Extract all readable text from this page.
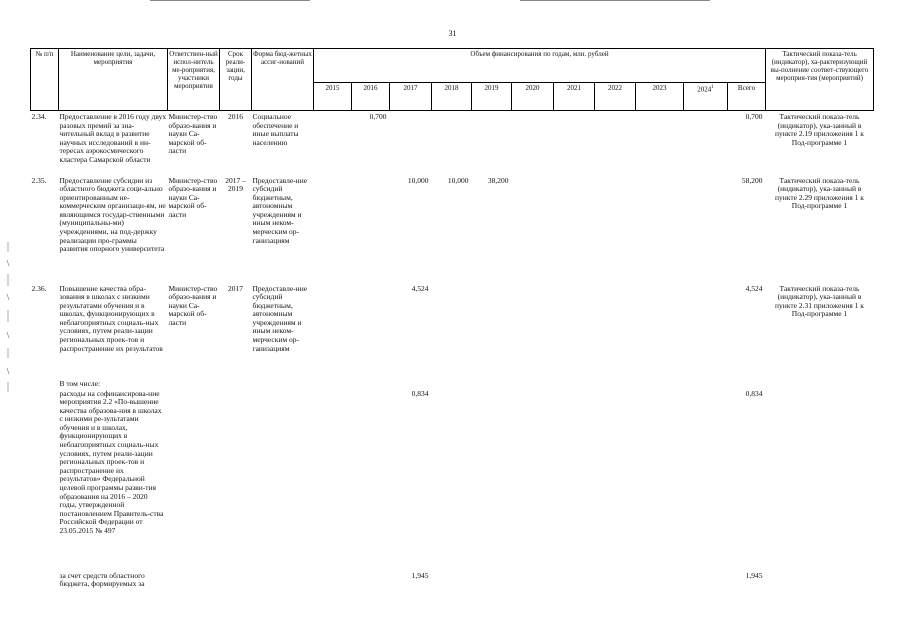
31
№ п/п	Наименование цели, задачи, мероприятия	Ответствен-ный испол-нитель ме-роприятия, участники мероприятия	Срок реали-зации, годы	Форма бюд-жетных ассиг-нований	Объем финансирования по годам, млн. рублей											Тактический показа-тель (индикатор), ха-рактеризующий вы-полнение соответ-ствующего мероприя-тия (мероприятий)
					2015	2016	2017	2018	2019	2020	2021	2022	2023	2024$^1$	Всего	
2.34.	Предоставление в 2016 году двух разовых премий за зна-чительный вклад в развитие научных исследований в ин-тересах аэрокосмического кластера Самарской области	Министер-ство образо-вания и науки Са-марской об-ласти	2016	Социальное обеспечение и иные выплаты населению		0,700									0,700	Тактический показа-тель (индикатор), ука-занный в пункте 2.19 приложения 1 к Под-программе 1
2.35.	Предоставление субсидии из областного бюджета соци-ально ориентированным не-коммерческим организаци-ям, не являющимся государ-ственными (муниципальны-ми) учреждениями, на под-держку реализации про-граммы развития опорного университета	Министер-ство образо-вания и науки Са-марской об-ласти	2017 – 2019	Предоставле-ние субсидий бюджетным, автономным учреждениям и иным неком-мерческим ор-ганизациям			10,000	10,000	38,200						58,200	Тактический показа-тель (индикатор), ука-занный в пункте 2.29 приложения 1 к Под-программе 1
2.36.	Повышение качества обра-зования в школах с низкими результатами обучения и в школах, функционирующих в неблагоприятных социаль-ных условиях, путем реали-зации региональных проек-тов и распространение их результатов	Министер-ство образо-вания и науки Са-марской об-ласти	2017	Предоставле-ние субсидий бюджетным, автономным учреждениям и иным неком-мерческим ор-ганизациям			4,524								4,524	Тактический показа-тель (индикатор), ука-занный в пункте 2.31 приложения 1 к Под-программе 1
	В том числе:															
	расходы на софинансирова-ние мероприятия 2.2 «По-вышение качества образова-ния в школах с низкими ре-зультатами обучения и в школах, функционирующих в неблагоприятных социаль-ных условиях, путем реали-зации региональных проек-тов и распространение их результатов» Федеральной целевой программы разви-тия образования на 2016 – 2020 годы, утвержденной постановлением Правитель-ства Российской Федерации от 23.05.2015 № 497						0,834								0,834	
	за счет средств областного бюджета, формируемых за						1,945								1,945	
